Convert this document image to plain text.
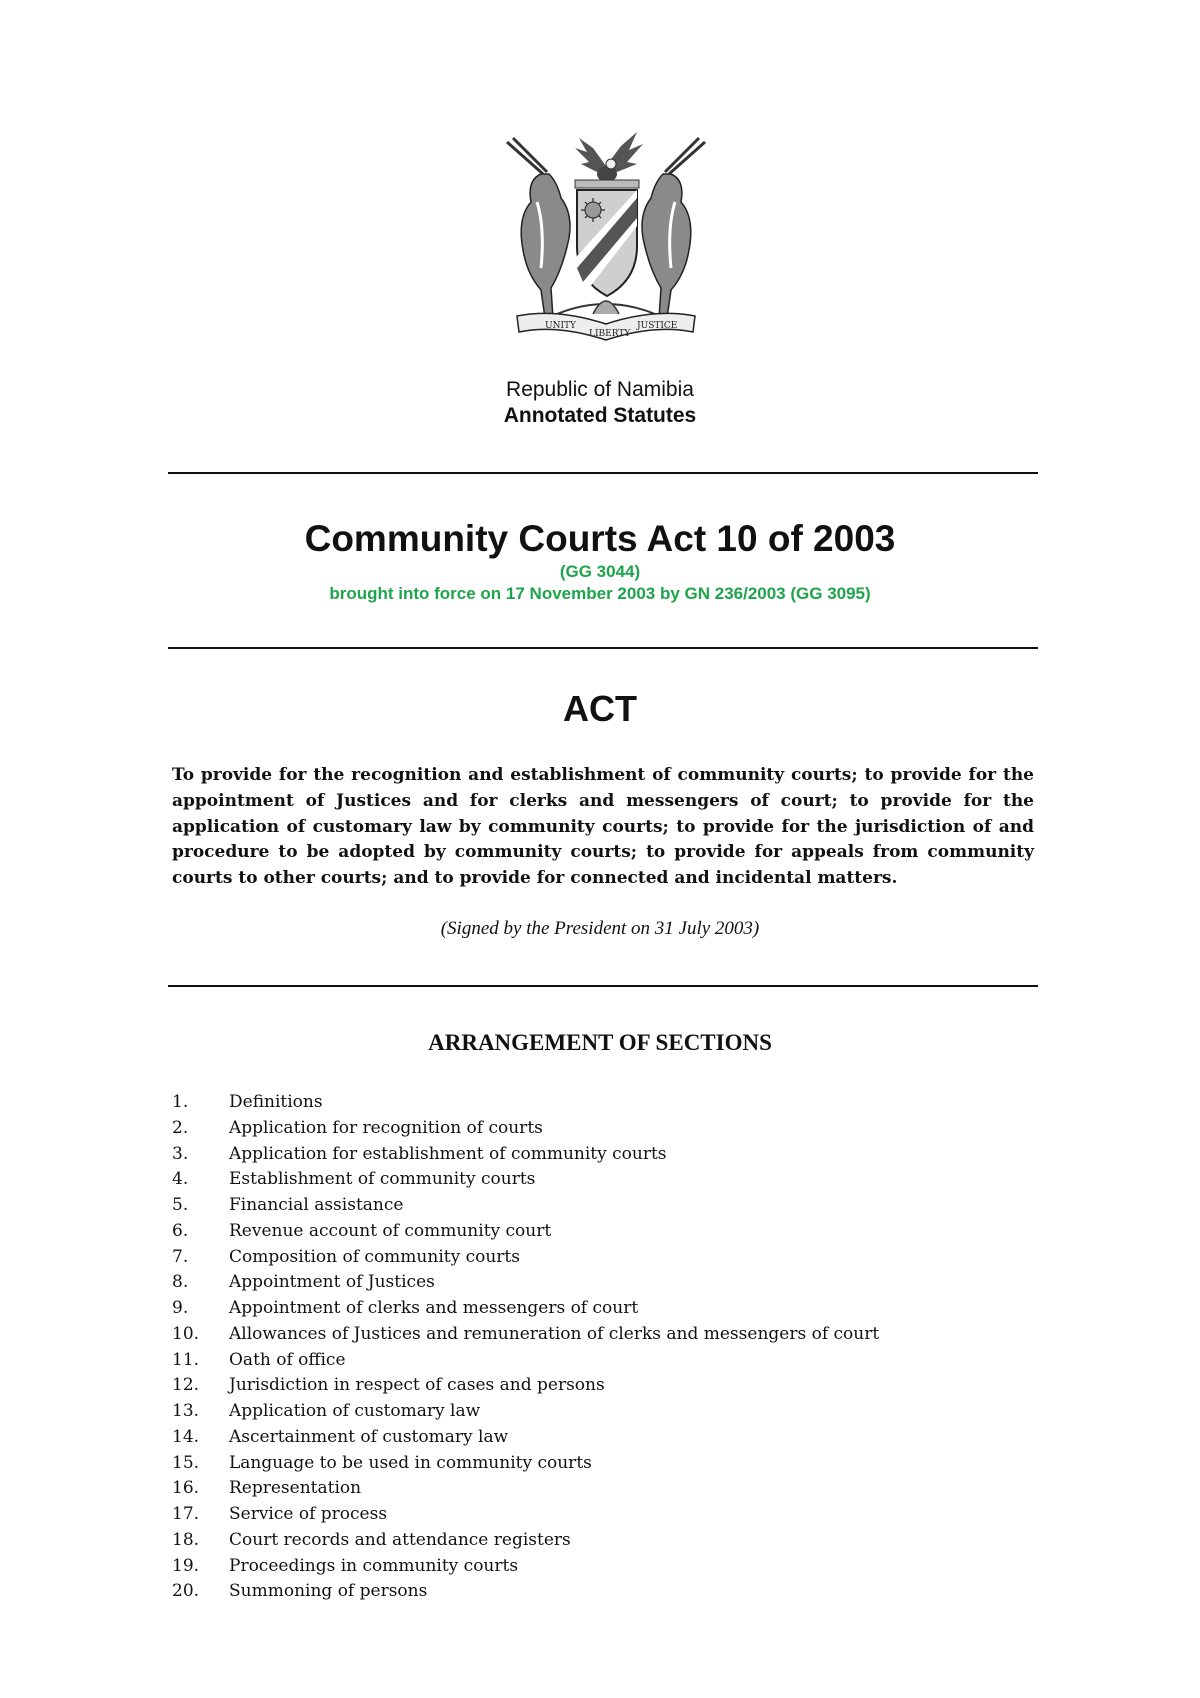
UNITY
LIBERTY
JUSTICE
Republic of Namibia
Annotated Statutes
Community Courts Act 10 of 2003
(GG 3044)
brought into force on 17 November 2003 by GN 236/2003 (GG 3095)
ACT
To provide for the recognition and establishment of community courts; to provide for the appointment of Justices and for clerks and messengers of court; to provide for the application of customary law by community courts; to provide for the jurisdiction of and procedure to be adopted by community courts; to provide for appeals from community courts to other courts; and to provide for connected and incidental matters.
(Signed by the President on 31 July 2003)
ARRANGEMENT OF SECTIONS
1. Definitions
2. Application for recognition of courts
3. Application for establishment of community courts
4. Establishment of community courts
5. Financial assistance
6. Revenue account of community court
7. Composition of community courts
8. Appointment of Justices
9. Appointment of clerks and messengers of court
10. Allowances of Justices and remuneration of clerks and messengers of court
11. Oath of office
12. Jurisdiction in respect of cases and persons
13. Application of customary law
14. Ascertainment of customary law
15. Language to be used in community courts
16. Representation
17. Service of process
18. Court records and attendance registers
19. Proceedings in community courts
20. Summoning of persons
